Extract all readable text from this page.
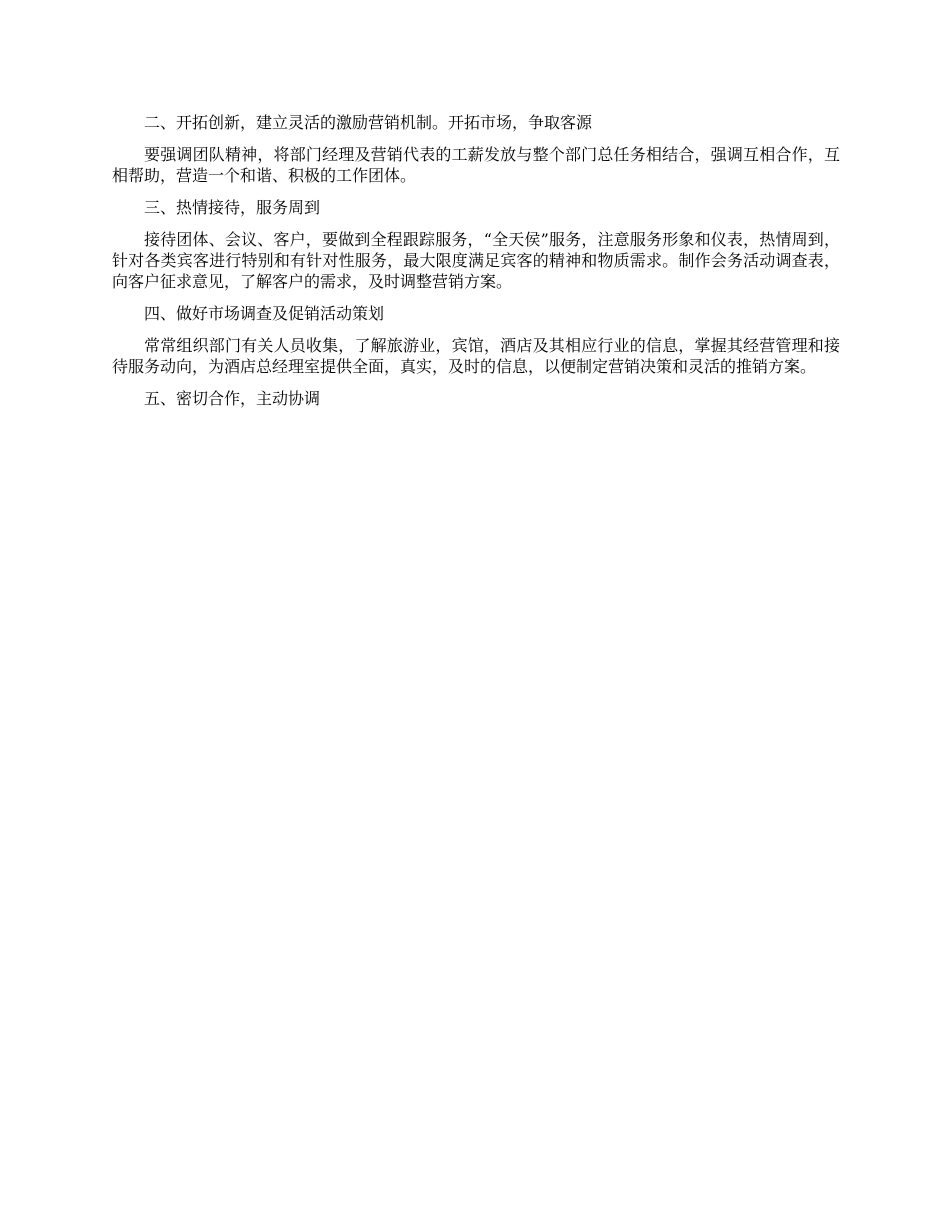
二、开拓创新，建立灵活的激励营销机制。开拓市场，争取客源

要强调团队精神，将部门经理及营销代表的工薪发放与整个部门总任务相结合，强调互相合作，互相帮助，营造一个和谐、积极的工作团体。

三、热情接待，服务周到

接待团体、会议、客户，要做到全程跟踪服务，“全天侯”服务，注意服务形象和仪表，热情周到，针对各类宾客进行特别和有针对性服务，最大限度满足宾客的精神和物质需求。制作会务活动调查表，向客户征求意见，了解客户的需求，及时调整营销方案。

四、做好市场调查及促销活动策划

常常组织部门有关人员收集，了解旅游业，宾馆，酒店及其相应行业的信息，掌握其经营管理和接待服务动向，为酒店总经理室提供全面，真实，及时的信息，以便制定营销决策和灵活的推销方案。

五、密切合作，主动协调
